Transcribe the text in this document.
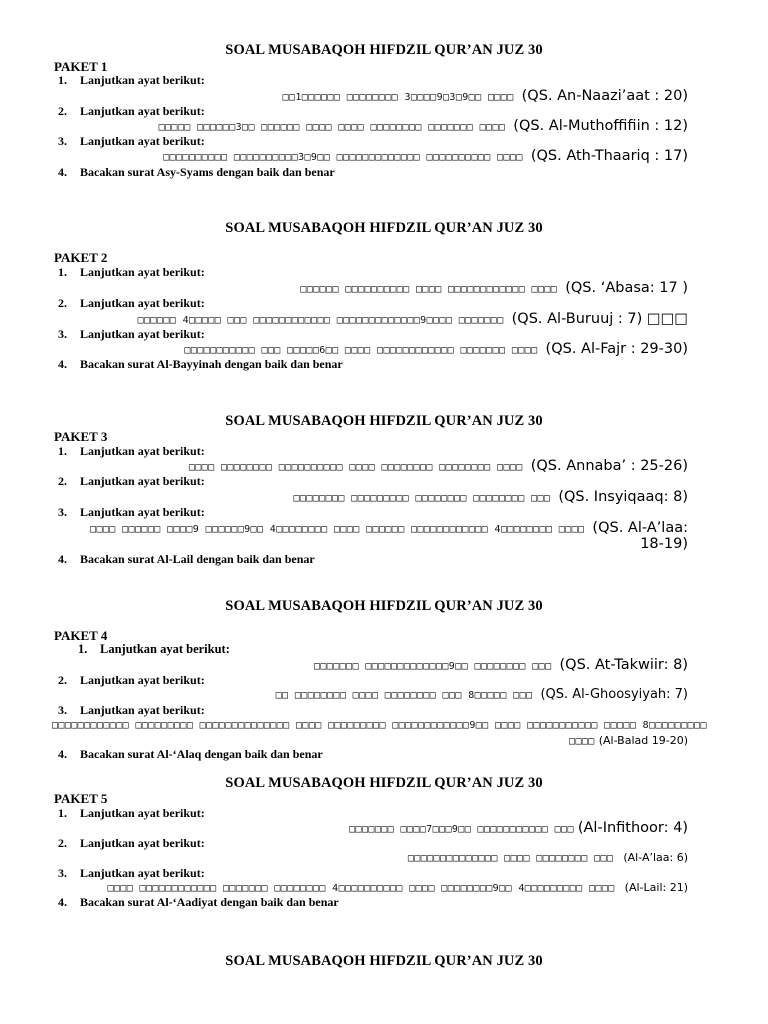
SOAL MUSABAQOH HIFDZIL QUR’AN JUZ 30
PAKET 1
1. Lanjutkan ayat berikut:
□□1□□□□□□ □□□□□□□□ 3□□□□9□3□9□□ □□□□ (QS. An-Naazi’aat : 20)
2. Lanjutkan ayat berikut:
□□□□□ □□□□□□3□□ □□□□□□ □□□□ □□□□ □□□□□□□□ □□□□□□□ □□□□ (QS. Al-Muthoffifiin : 12)
3. Lanjutkan ayat berikut:
□□□□□□□□□□ □□□□□□□□□□3□9□□ □□□□□□□□□□□□□ □□□□□□□□□□ □□□□ (QS. Ath-Thaariq : 17)
4. Bacakan surat Asy-Syams dengan baik dan benar
SOAL MUSABAQOH HIFDZIL QUR’AN JUZ 30
PAKET 2
1. Lanjutkan ayat berikut:
□□□□□□ □□□□□□□□□□ □□□□ □□□□□□□□□□□□ □□□□ (QS. ‘Abasa: 17 )
2. Lanjutkan ayat berikut:
□□□□□□ 4□□□□□ □□□ □□□□□□□□□□□□ □□□□□□□□□□□□□9□□□□ □□□□□□□ (QS. Al-Buruuj : 7) □□□
3. Lanjutkan ayat berikut:
□□□□□□□□□□□ □□□ □□□□□6□□ □□□□ □□□□□□□□□□□□ □□□□□□□ □□□□ (QS. Al-Fajr : 29-30)
4. Bacakan surat Al-Bayyinah dengan baik dan benar
SOAL MUSABAQOH HIFDZIL QUR’AN JUZ 30
PAKET 3
1. Lanjutkan ayat berikut:
□□□□ □□□□□□□□ □□□□□□□□□□ □□□□ □□□□□□□□ □□□□□□□□ □□□□ (QS. Annaba’ : 25-26)
2. Lanjutkan ayat berikut:
□□□□□□□□ □□□□□□□□□ □□□□□□□□ □□□□□□□□ □□□ (QS. Insyiqaaq: 8)
3. Lanjutkan ayat berikut:
□□□□ □□□□□□ □□□□9 □□□□□□9□□ 4□□□□□□□□ □□□□ □□□□□□ □□□□□□□□□□□□ 4□□□□□□□□ □□□□ (QS. Al-A’laa:
18-19)
4. Bacakan surat Al-Lail dengan baik dan benar
SOAL MUSABAQOH HIFDZIL QUR’AN JUZ 30
PAKET 4
1. Lanjutkan ayat berikut:
□□□□□□□ □□□□□□□□□□□□□9□□ □□□□□□□□ □□□ (QS. At-Takwiir: 8)
2. Lanjutkan ayat berikut:
□□ □□□□□□□□ □□□□ □□□□□□□□ □□□ 8□□□□□ □□□ (QS. Al-Ghoosyiyah: 7)
3. Lanjutkan ayat berikut:
□□□□□□□□□□□□ □□□□□□□□□ □□□□□□□□□□□□□□ □□□□ □□□□□□□□□ □□□□□□□□□□□□9□□ □□□□ □□□□□□□□□□□ □□□□□ 8□□□□□□□□□
□□□□ (Al-Balad 19-20)
4. Bacakan surat Al-‘Alaq dengan baik dan benar
SOAL MUSABAQOH HIFDZIL QUR’AN JUZ 30
PAKET 5
1. Lanjutkan ayat berikut:
□□□□□□□ □□□□7□□□9□□ □□□□□□□□□□□ □□□ (Al-Infithoor: 4)
2. Lanjutkan ayat berikut:
□□□□□□□□□□□□□□ □□□□ □□□□□□□□ □□□ (Al-A’laa: 6)
3. Lanjutkan ayat berikut:
□□□□ □□□□□□□□□□□□ □□□□□□□ □□□□□□□□ 4□□□□□□□□□□ □□□□ □□□□□□□□9□□ 4□□□□□□□□□ □□□□ (Al-Lail: 21)
4. Bacakan surat Al-‘Aadiyat dengan baik dan benar
SOAL MUSABAQOH HIFDZIL QUR’AN JUZ 30
